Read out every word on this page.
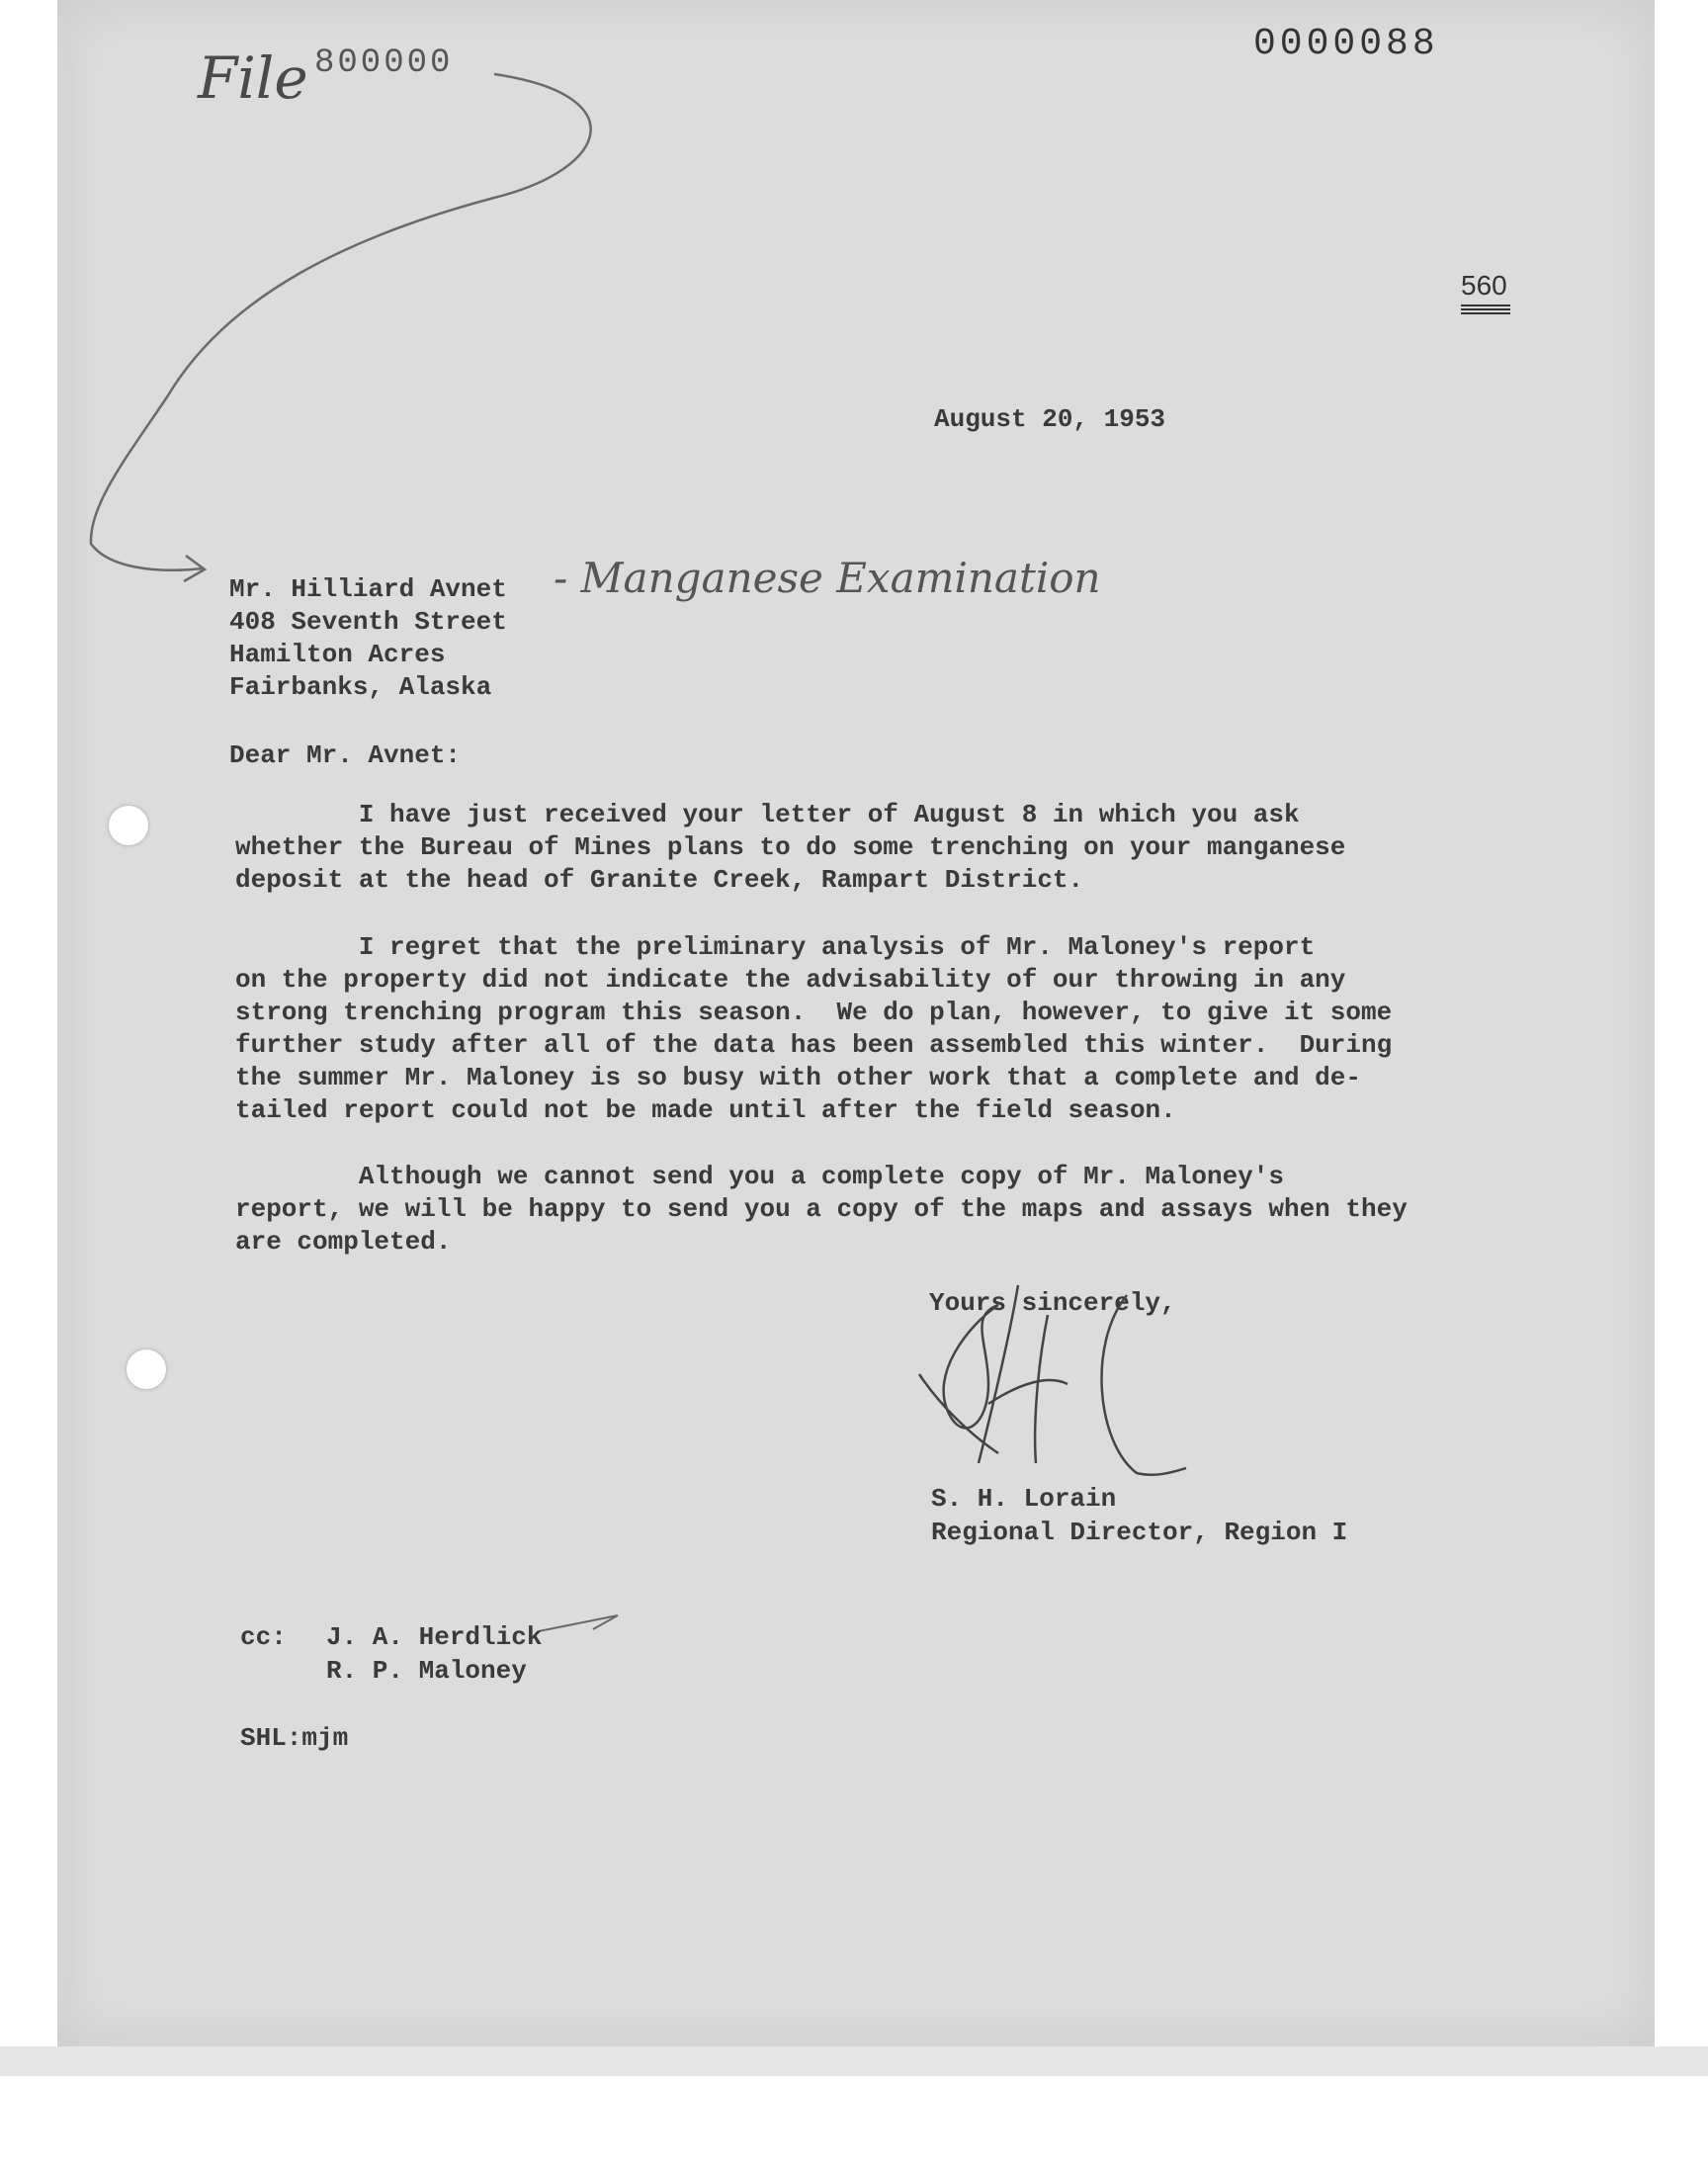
0000088
800000
File
560
August 20, 1953
Mr. Hilliard Avnet
408 Seventh Street
Hamilton Acres
Fairbanks, Alaska
- Manganese Examination
Dear Mr. Avnet:
I have just received your letter of August 8 in which you ask
whether the Bureau of Mines plans to do some trenching on your manganese
deposit at the head of Granite Creek, Rampart District.
I regret that the preliminary analysis of Mr. Maloney's report
on the property did not indicate the advisability of our throwing in any
strong trenching program this season.  We do plan, however, to give it some
further study after all of the data has been assembled this winter.  During
the summer Mr. Maloney is so busy with other work that a complete and de-
tailed report could not be made until after the field season.
Although we cannot send you a complete copy of Mr. Maloney's
report, we will be happy to send you a copy of the maps and assays when they
are completed.
Yours sincerely,
S. H. Lorain
Regional Director, Region I
cc: J. A. Herdlick
R. P. Maloney
SHL:mjm
